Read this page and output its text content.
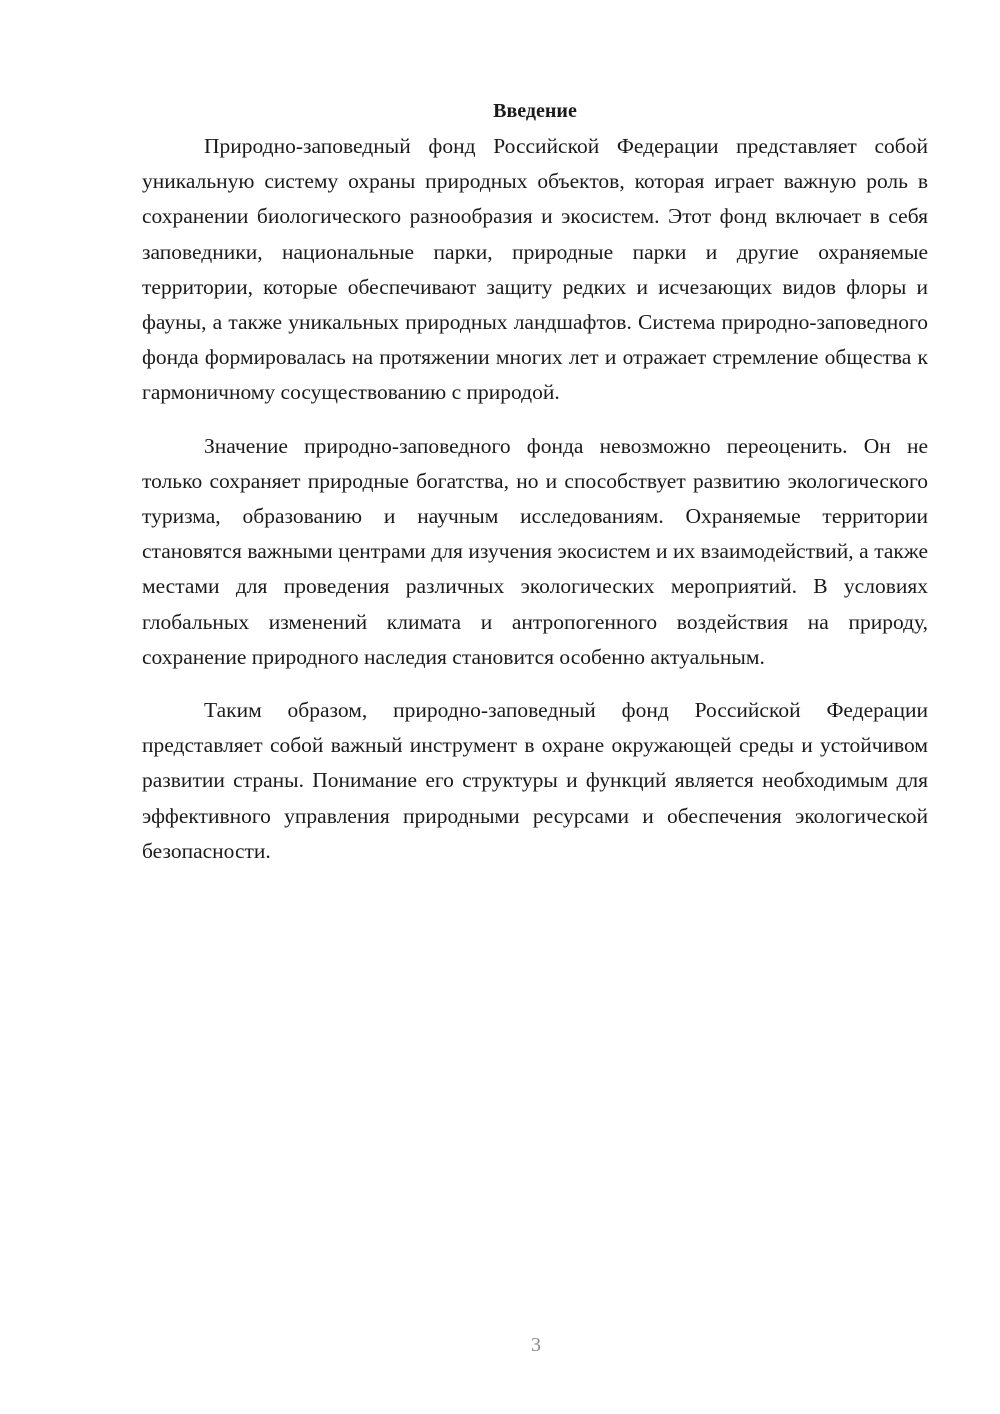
Введение

Природно-заповедный фонд Российской Федерации представляет собой уникальную систему охраны природных объектов, которая играет важную роль в сохранении биологического разнообразия и экосистем. Этот фонд включает в себя заповедники, национальные парки, природные парки и другие охраняемые территории, которые обеспечивают защиту редких и исчезающих видов флоры и фауны, а также уникальных природных ландшафтов. Система природно-заповедного фонда формировалась на протяжении многих лет и отражает стремление общества к гармоничному сосуществованию с природой.

Значение природно-заповедного фонда невозможно переоценить. Он не только сохраняет природные богатства, но и способствует развитию экологического туризма, образованию и научным исследованиям. Охраняемые территории становятся важными центрами для изучения экосистем и их взаимодействий, а также местами для проведения различных экологических мероприятий. В условиях глобальных изменений климата и антропогенного воздействия на природу, сохранение природного наследия становится особенно актуальным.

Таким образом, природно-заповедный фонд Российской Федерации представляет собой важный инструмент в охране окружающей среды и устойчивом развитии страны. Понимание его структуры и функций является необходимым для эффективного управления природными ресурсами и обеспечения экологической безопасности.

3
